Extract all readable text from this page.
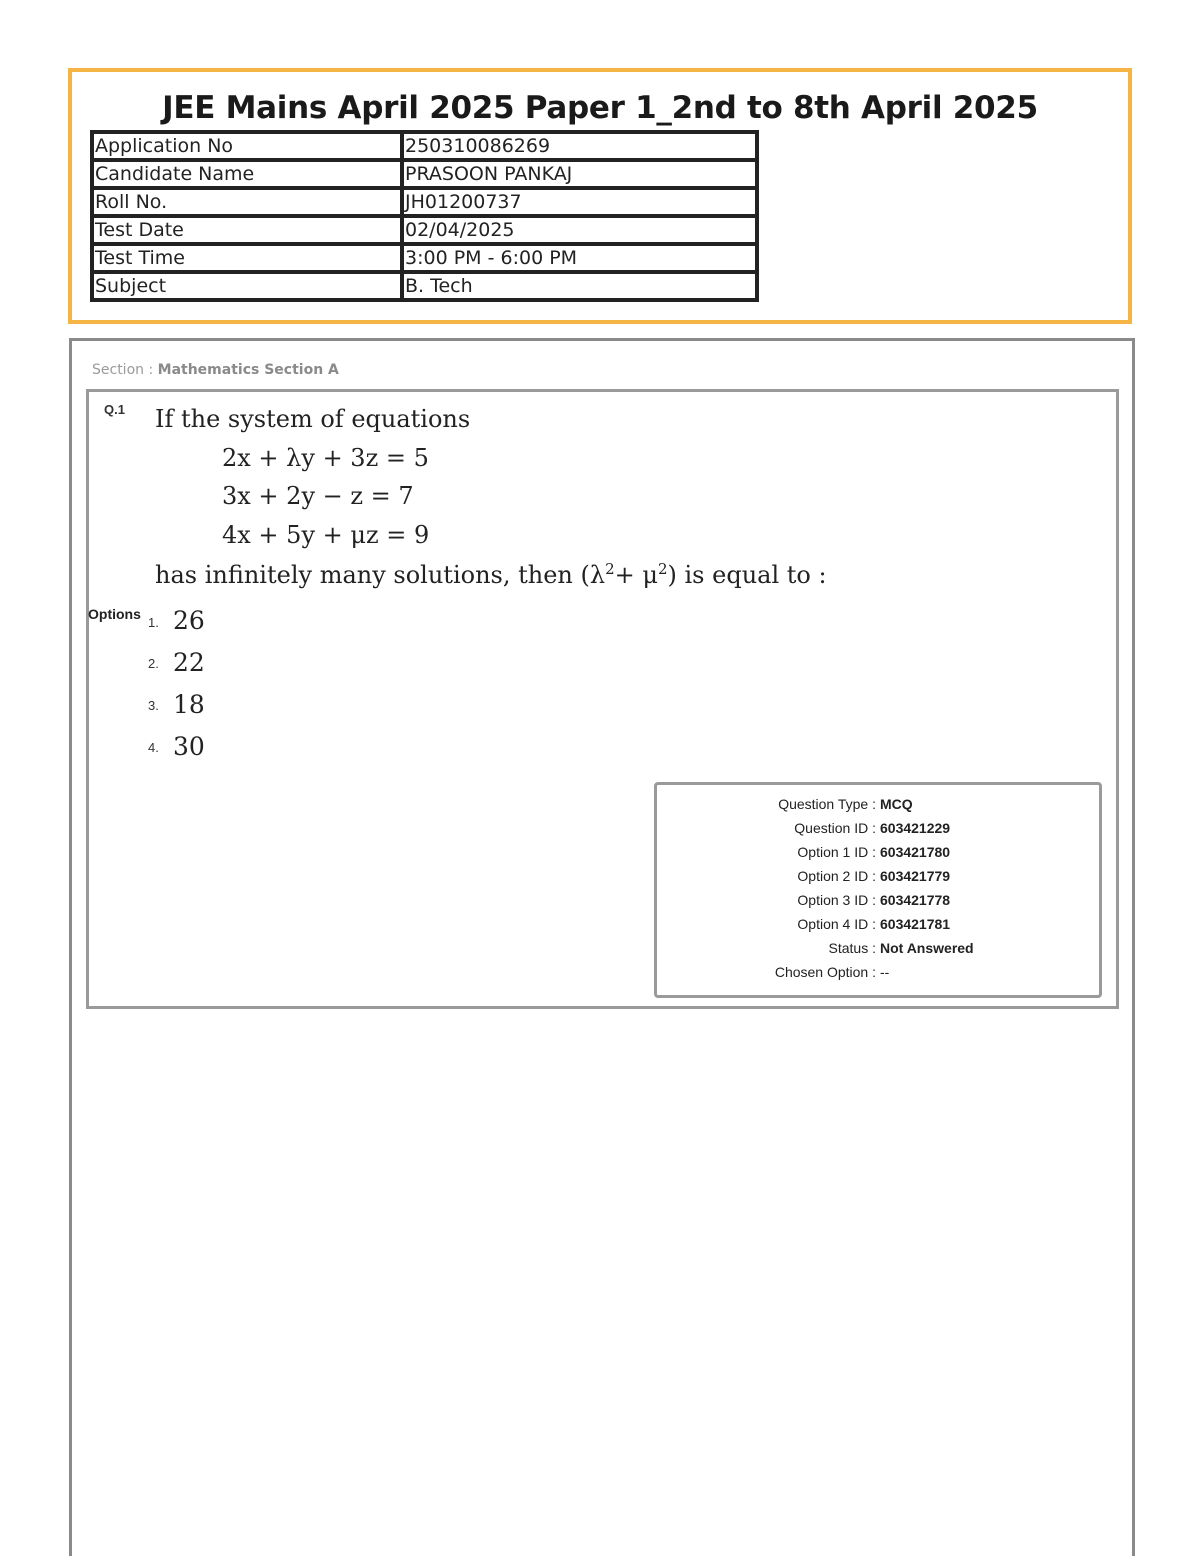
JEE Mains April 2025 Paper 1_2nd to 8th April 2025
Application No	250310086269
Candidate Name	PRASOON PANKAJ
Roll No.	JH01200737
Test Date	02/04/2025
Test Time	3:00 PM - 6:00 PM
Subject	B. Tech
Section : Mathematics Section A
Q.1 If the system of equations
2x + λy + 3z = 5
3x + 2y − z = 7
4x + 5y + μz = 9
has infinitely many solutions, then $(\lambda^2+ \mu^2)$ is equal to :
Options
1. 26
2. 22
3. 18
4. 30
Question Type : MCQ
Question ID : 603421229
Option 1 ID : 603421780
Option 2 ID : 603421779
Option 3 ID : 603421778
Option 4 ID : 603421781
Status : Not Answered
Chosen Option : --
